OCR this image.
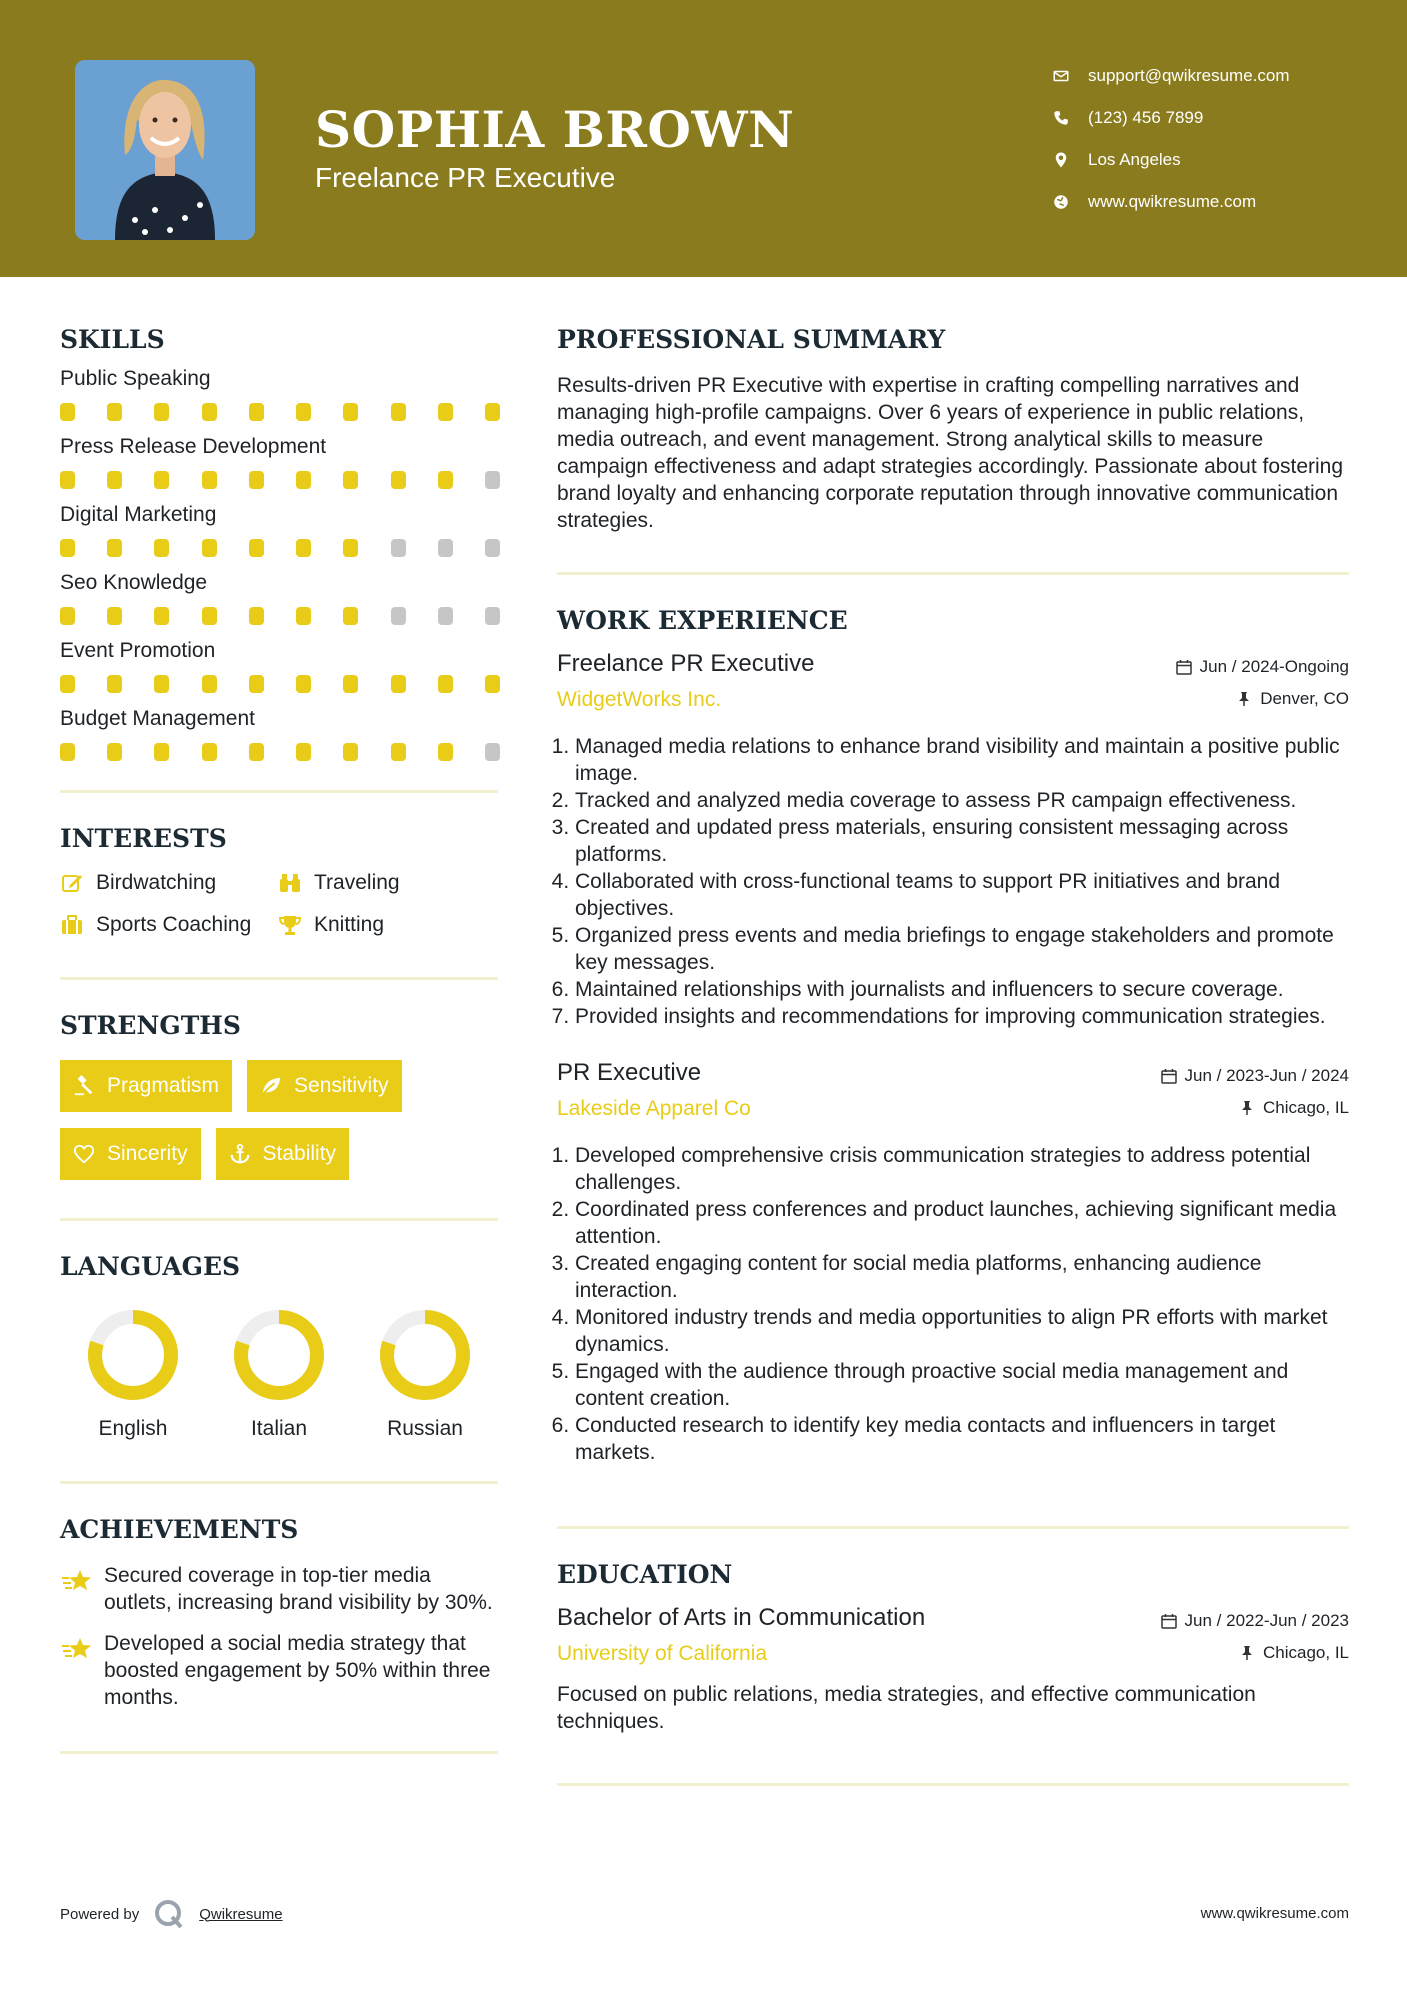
SOPHIA BROWN
Freelance PR Executive
support@qwikresume.com
(123) 456 7899
Los Angeles
www.qwikresume.com
SKILLS
Public Speaking
Press Release Development
Digital Marketing
Seo Knowledge
Event Promotion
Budget Management
INTERESTS
Birdwatching	Traveling
Sports Coaching	Knitting
STRENGTHS
Pragmatism	Sensitivity
Sincerity	Stability
LANGUAGES
English	Italian	Russian
ACHIEVEMENTS
Secured coverage in top-tier media outlets, increasing brand visibility by 30%.
Developed a social media strategy that boosted engagement by 50% within three months.
PROFESSIONAL SUMMARY
Results-driven PR Executive with expertise in crafting compelling narratives and managing high-profile campaigns. Over 6 years of experience in public relations, media outreach, and event management. Strong analytical skills to measure campaign effectiveness and adapt strategies accordingly. Passionate about fostering brand loyalty and enhancing corporate reputation through innovative communication strategies.
WORK EXPERIENCE
Freelance PR Executive
WidgetWorks Inc.
Jun / 2024-Ongoing
Denver, CO
1. Managed media relations to enhance brand visibility and maintain a positive public image.
2. Tracked and analyzed media coverage to assess PR campaign effectiveness.
3. Created and updated press materials, ensuring consistent messaging across platforms.
4. Collaborated with cross-functional teams to support PR initiatives and brand objectives.
5. Organized press events and media briefings to engage stakeholders and promote key messages.
6. Maintained relationships with journalists and influencers to secure coverage.
7. Provided insights and recommendations for improving communication strategies.
PR Executive
Lakeside Apparel Co
Jun / 2023-Jun / 2024
Chicago, IL
1. Developed comprehensive crisis communication strategies to address potential challenges.
2. Coordinated press conferences and product launches, achieving significant media attention.
3. Created engaging content for social media platforms, enhancing audience interaction.
4. Monitored industry trends and media opportunities to align PR efforts with market dynamics.
5. Engaged with the audience through proactive social media management and content creation.
6. Conducted research to identify key media contacts and influencers in target markets.
EDUCATION
Bachelor of Arts in Communication
University of California
Jun / 2022-Jun / 2023
Chicago, IL
Focused on public relations, media strategies, and effective communication techniques.
Powered by	Qwikresume	www.qwikresume.com
